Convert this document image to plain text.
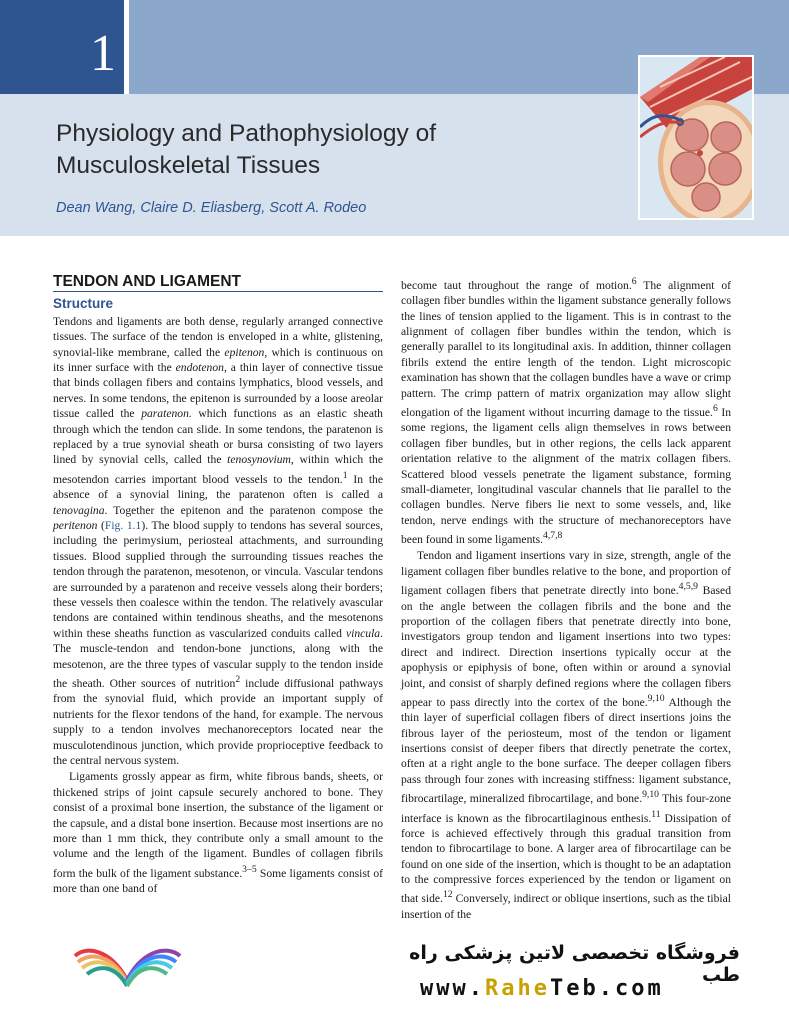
1
Physiology and Pathophysiology of Musculoskeletal Tissues
Dean Wang, Claire D. Eliasberg, Scott A. Rodeo
TENDON AND LIGAMENT
Structure

Tendons and ligaments are both dense, regularly arranged connective tissues. The surface of the tendon is enveloped in a white, glistening, synovial-like membrane, called the epitenon, which is continuous on its inner surface with the endotenon, a thin layer of connective tissue that binds collagen fibers and contains lymphatics, blood vessels, and nerves. In some tendons, the epitenon is surrounded by a loose areolar tissue called the paratenon. which functions as an elastic sheath through which the tendon can slide. In some tendons, the paratenon is replaced by a true synovial sheath or bursa consisting of two layers lined by synovial cells, called the tenosynovium, within which the mesotendon carries important blood vessels to the tendon.$^1$ In the absence of a synovial lining, the paratenon often is called a tenovagina. Together the epitenon and the paratenon compose the peritenon (Fig. 1.1). The blood supply to tendons has several sources, including the perimysium, periosteal attachments, and surrounding tissues. Blood supplied through the surrounding tissues reaches the tendon through the paratenon, mesotenon, or vincula. Vascular tendons are surrounded by a paratenon and receive vessels along their borders; these vessels then coalesce within the tendon. The relatively avascular tendons are contained within tendinous sheaths, and the mesotenons within these sheaths function as vascularized conduits called vincula. The muscle-tendon and tendon-bone junctions, along with the mesotenon, are the three types of vascular supply to the tendon inside the sheath. Other sources of nutrition$^2$ include diffusional pathways from the synovial fluid, which provide an important supply of nutrients for the flexor tendons of the hand, for example. The nervous supply to a tendon involves mechanoreceptors located near the musculotendinous junction, which provide proprioceptive feedback to the central nervous system.

Ligaments grossly appear as firm, white fibrous bands, sheets, or thickened strips of joint capsule securely anchored to bone. They consist of a proximal bone insertion, the substance of the ligament or the capsule, and a distal bone insertion. Because most insertions are no more than 1 mm thick, they contribute only a small amount to the volume and the length of the ligament. Bundles of collagen fibrils form the bulk of the ligament substance.$^{3-5}$ Some ligaments consist of more than one band of

become taut throughout the range of motion.$^6$ The alignment of collagen fiber bundles within the ligament substance generally follows the lines of tension applied to the ligament. This is in contrast to the alignment of collagen fiber bundles within the tendon, which is generally parallel to its longitudinal axis. In addition, thinner collagen fibrils extend the entire length of the tendon. Light microscopic examination has shown that the collagen bundles have a wave or crimp pattern. The crimp pattern of matrix organization may allow slight elongation of the ligament without incurring damage to the tissue.$^6$ In some regions, the ligament cells align themselves in rows between collagen fiber bundles, but in other regions, the cells lack apparent orientation relative to the alignment of the matrix collagen fibers. Scattered blood vessels penetrate the ligament substance, forming small-diameter, longitudinal vascular channels that lie parallel to the collagen bundles. Nerve fibers lie next to some vessels, and, like tendon, nerve endings with the structure of mechanoreceptors have been found in some ligaments.$^{4,7,8}$

Tendon and ligament insertions vary in size, strength, angle of the ligament collagen fiber bundles relative to the bone, and proportion of ligament collagen fibers that penetrate directly into bone.$^{4,5,9}$ Based on the angle between the collagen fibrils and the bone and the proportion of the collagen fibers that penetrate directly into bone, investigators group tendon and ligament insertions into two types: direct and indirect. Direction insertions typically occur at the apophysis or epiphysis of bone, often within or around a synovial joint, and consist of sharply defined regions where the collagen fibers appear to pass directly into the cortex of the bone.$^{9,10}$ Although the thin layer of superficial collagen fibers of direct insertions joins the fibrous layer of the periosteum, most of the tendon or ligament insertions consist of deeper fibers that directly penetrate the cortex, often at a right angle to the bone surface. The deeper collagen fibers pass through four zones with increasing stiffness: ligament substance, fibrocartilage, mineralized fibrocartilage, and bone.$^{9,10}$ This four-zone interface is known as the fibrocartilaginous enthesis.$^{11}$ Dissipation of force is achieved effectively through this gradual transition from tendon to fibrocartilage to bone. A larger area of fibrocartilage can be found on one side of the insertion, which is thought to be an adaptation to the compressive forces experienced by the tendon or ligament on that side.$^{12}$ Conversely, indirect or oblique insertions, such as the tibial insertion of the

فروشگاه تخصصی لاتین پزشکی راه طب
www.RaheTeb.com
